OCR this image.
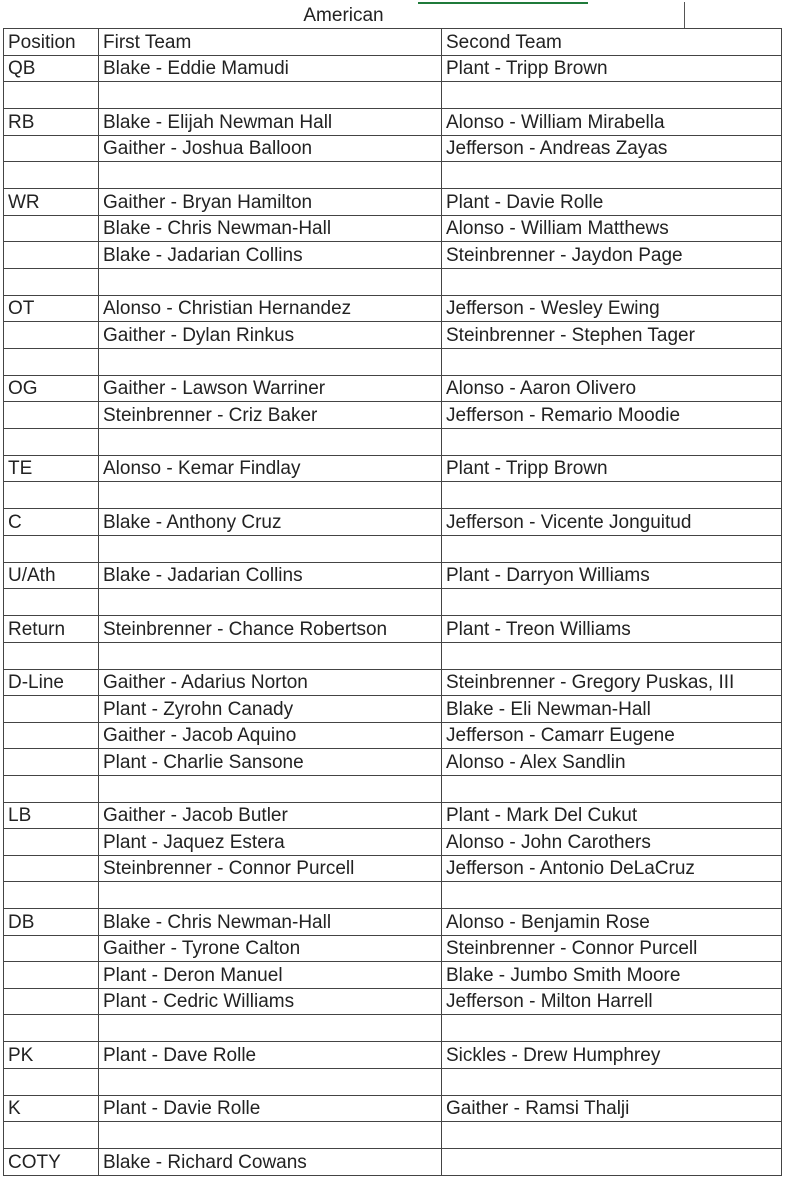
American
Position	First Team	Second Team
QB	Blake - Eddie Mamudi	Plant - Tripp Brown

RB	Blake - Elijah Newman Hall	Alonso - William Mirabella
	Gaither - Joshua Balloon	Jefferson - Andreas Zayas

WR	Gaither - Bryan Hamilton	Plant - Davie Rolle
	Blake - Chris Newman-Hall	Alonso - William Matthews
	Blake - Jadarian Collins	Steinbrenner - Jaydon Page

OT	Alonso - Christian Hernandez	Jefferson - Wesley Ewing
	Gaither - Dylan Rinkus	Steinbrenner - Stephen Tager

OG	Gaither - Lawson Warriner	Alonso - Aaron Olivero
	Steinbrenner - Criz Baker	Jefferson - Remario Moodie

TE	Alonso - Kemar Findlay	Plant - Tripp Brown

C	Blake - Anthony Cruz	Jefferson - Vicente Jonguitud

U/Ath	Blake - Jadarian Collins	Plant - Darryon Williams

Return	Steinbrenner - Chance Robertson	Plant - Treon Williams

D-Line	Gaither - Adarius Norton	Steinbrenner - Gregory Puskas, III
	Plant - Zyrohn Canady	Blake - Eli Newman-Hall
	Gaither - Jacob Aquino	Jefferson - Camarr Eugene
	Plant - Charlie Sansone	Alonso - Alex Sandlin

LB	Gaither - Jacob Butler	Plant - Mark Del Cukut
	Plant - Jaquez Estera	Alonso - John Carothers
	Steinbrenner - Connor Purcell	Jefferson - Antonio DeLaCruz

DB	Blake - Chris Newman-Hall	Alonso - Benjamin Rose
	Gaither - Tyrone Calton	Steinbrenner - Connor Purcell
	Plant - Deron Manuel	Blake - Jumbo Smith Moore
	Plant - Cedric Williams	Jefferson - Milton Harrell

PK	Plant - Dave Rolle	Sickles - Drew Humphrey

K	Plant - Davie Rolle	Gaither - Ramsi Thalji

COTY	Blake - Richard Cowans	
